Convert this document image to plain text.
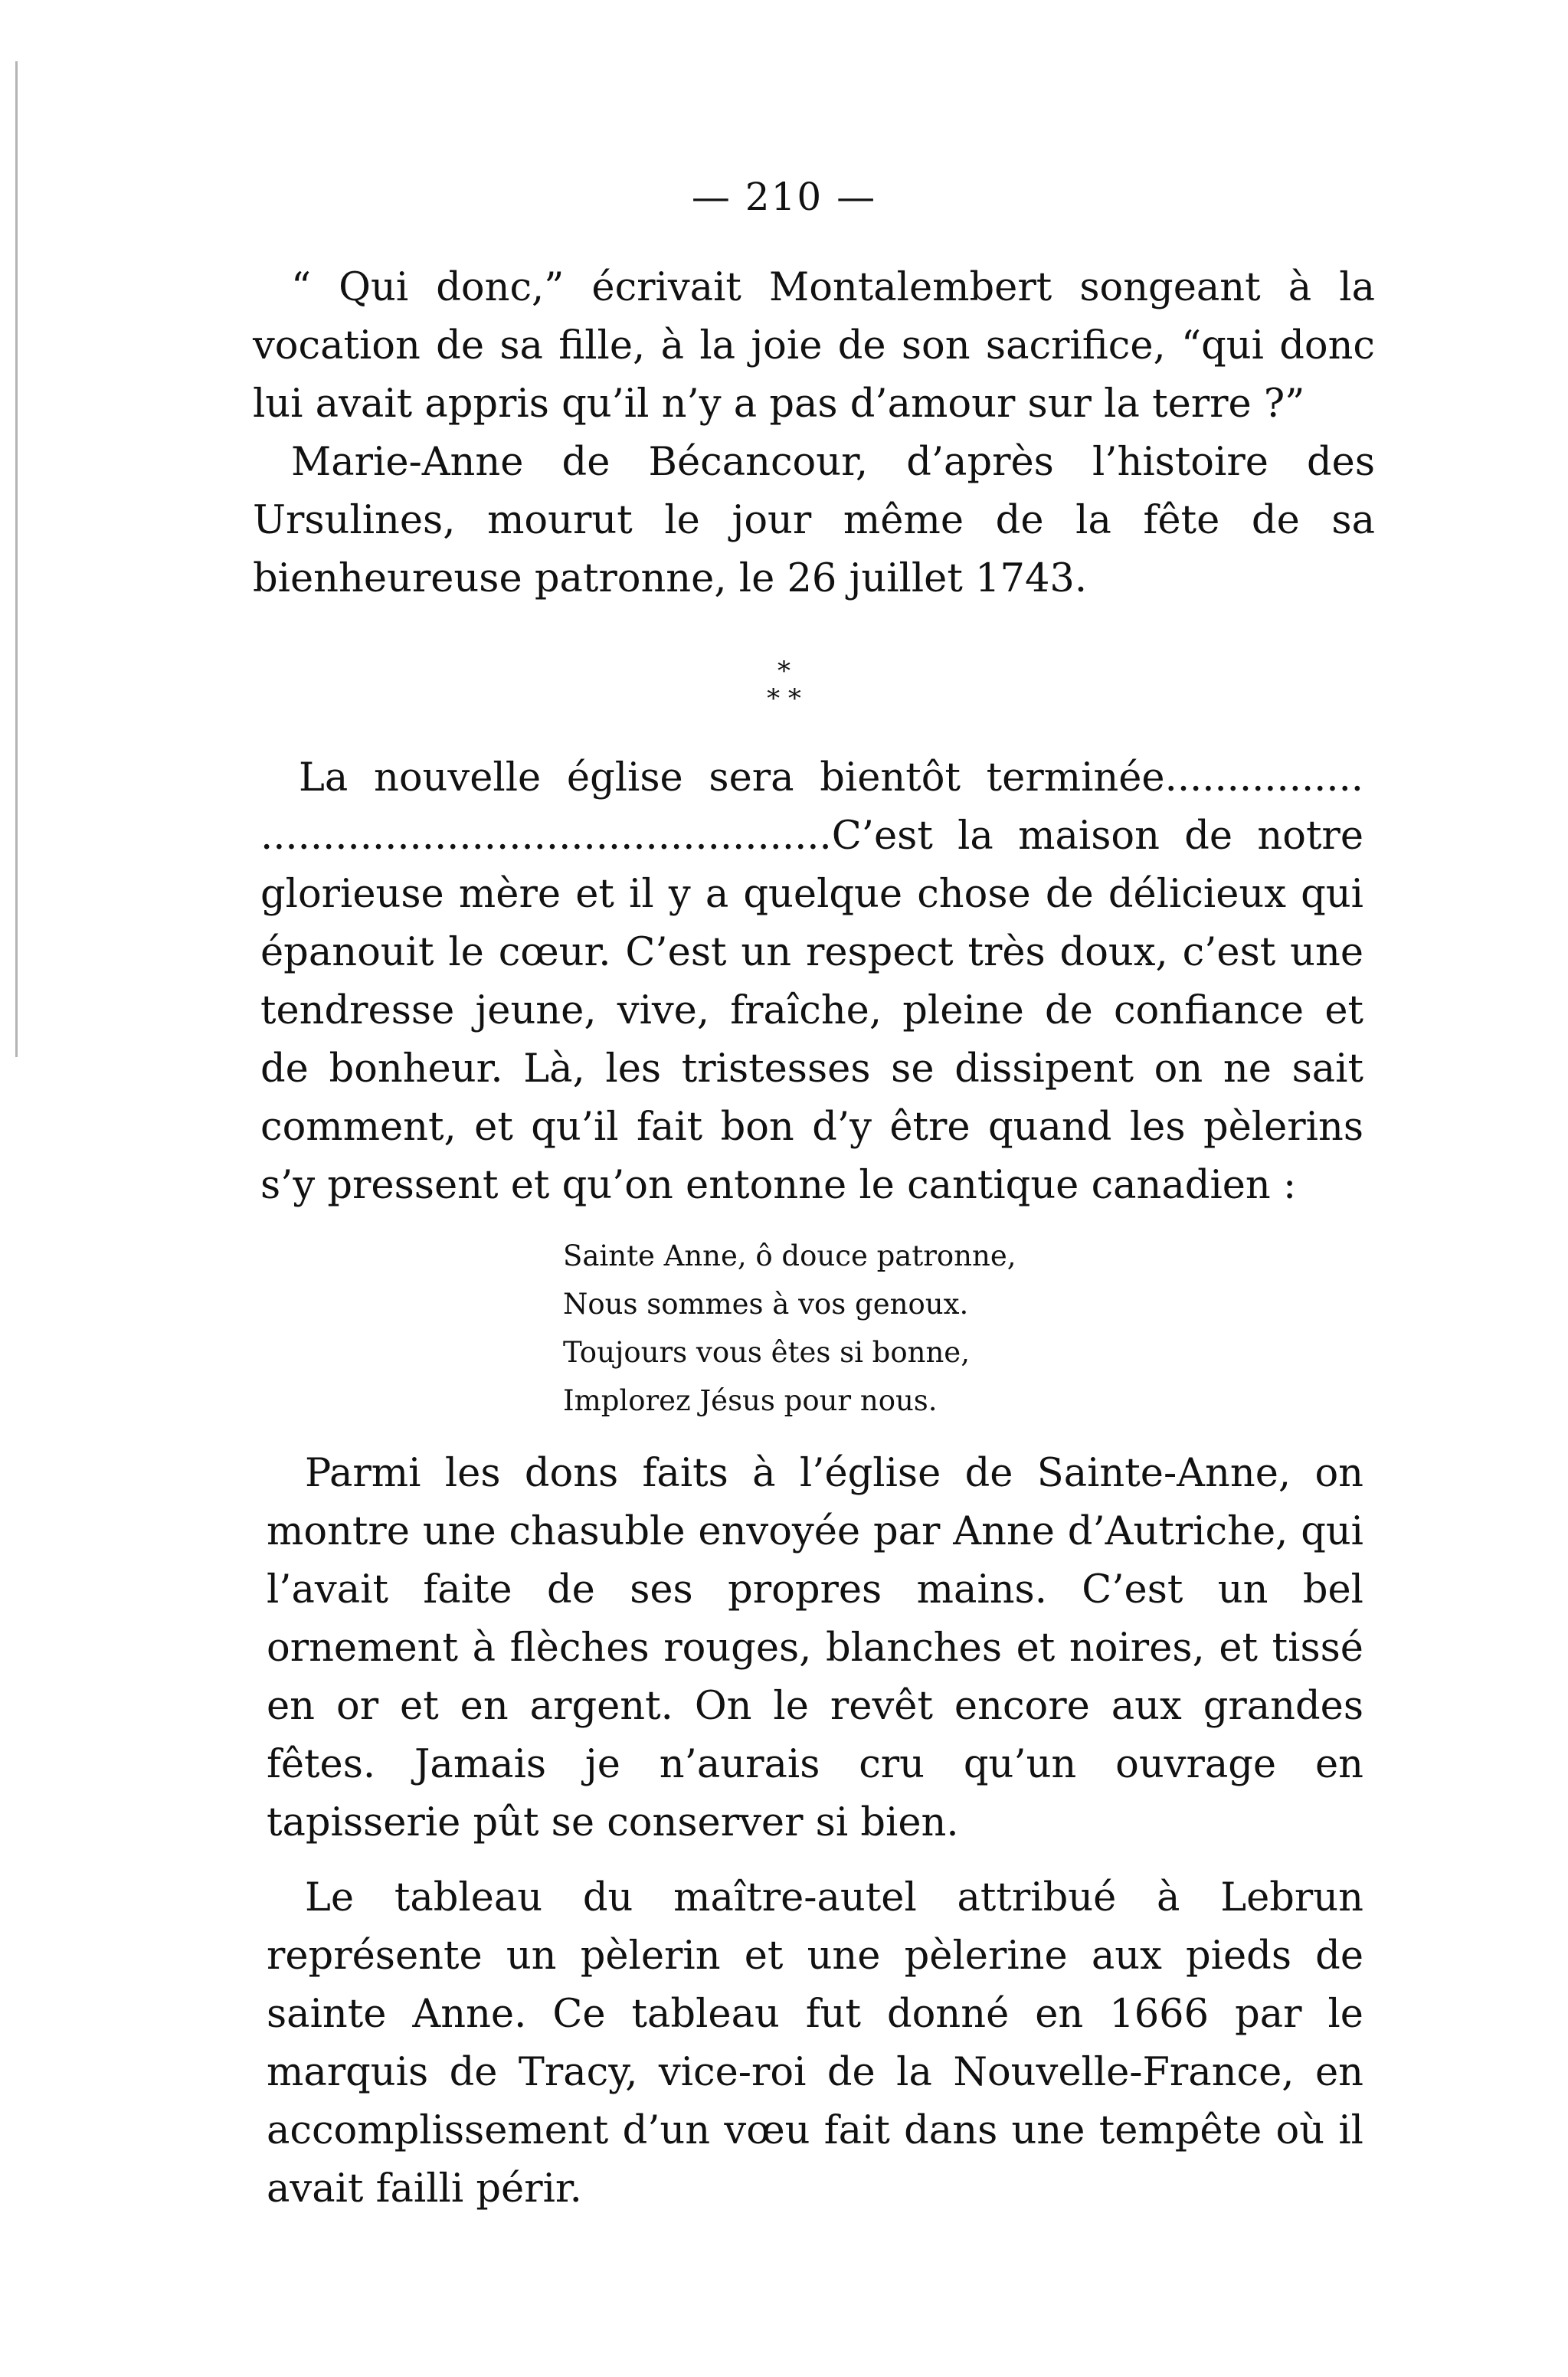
— 210 —

“ Qui donc,” écrivait Montalembert songeant à la vocation de sa fille, à la joie de son sacrifice, “qui donc lui avait appris qu’il n’y a pas d’amour sur la terre ?”

Marie-Anne de Bécancour, d’après l’histoire des Ursulines, mourut le jour même de la fête de sa bienheureuse patronne, le 26 juillet 1743.

*
* *

La nouvelle église sera bientôt terminée................ ..............................................C’est la maison de notre glorieuse mère et il y a quelque chose de délicieux qui épanouit le cœur. C’est un respect très doux, c’est une tendresse jeune, vive, fraîche, pleine de confiance et de bonheur. Là, les tristesses se dissipent on ne sait comment, et qu’il fait bon d’y être quand les pèlerins s’y pressent et qu’on entonne le cantique canadien :

Sainte Anne, ô douce patronne,
Nous sommes à vos genoux.
Toujours vous êtes si bonne,
Implorez Jésus pour nous.

Parmi les dons faits à l’église de Sainte-Anne, on montre une chasuble envoyée par Anne d’Autriche, qui l’avait faite de ses propres mains. C’est un bel ornement à flèches rouges, blanches et noires, et tissé en or et en argent. On le revêt encore aux grandes fêtes. Jamais je n’aurais cru qu’un ouvrage en tapisserie pût se conserver si bien.

Le tableau du maître-autel attribué à Lebrun représente un pèlerin et une pèlerine aux pieds de sainte Anne. Ce tableau fut donné en 1666 par le marquis de Tracy, vice-roi de la Nouvelle-France, en accomplissement d’un vœu fait dans une tempête où il avait failli périr.
